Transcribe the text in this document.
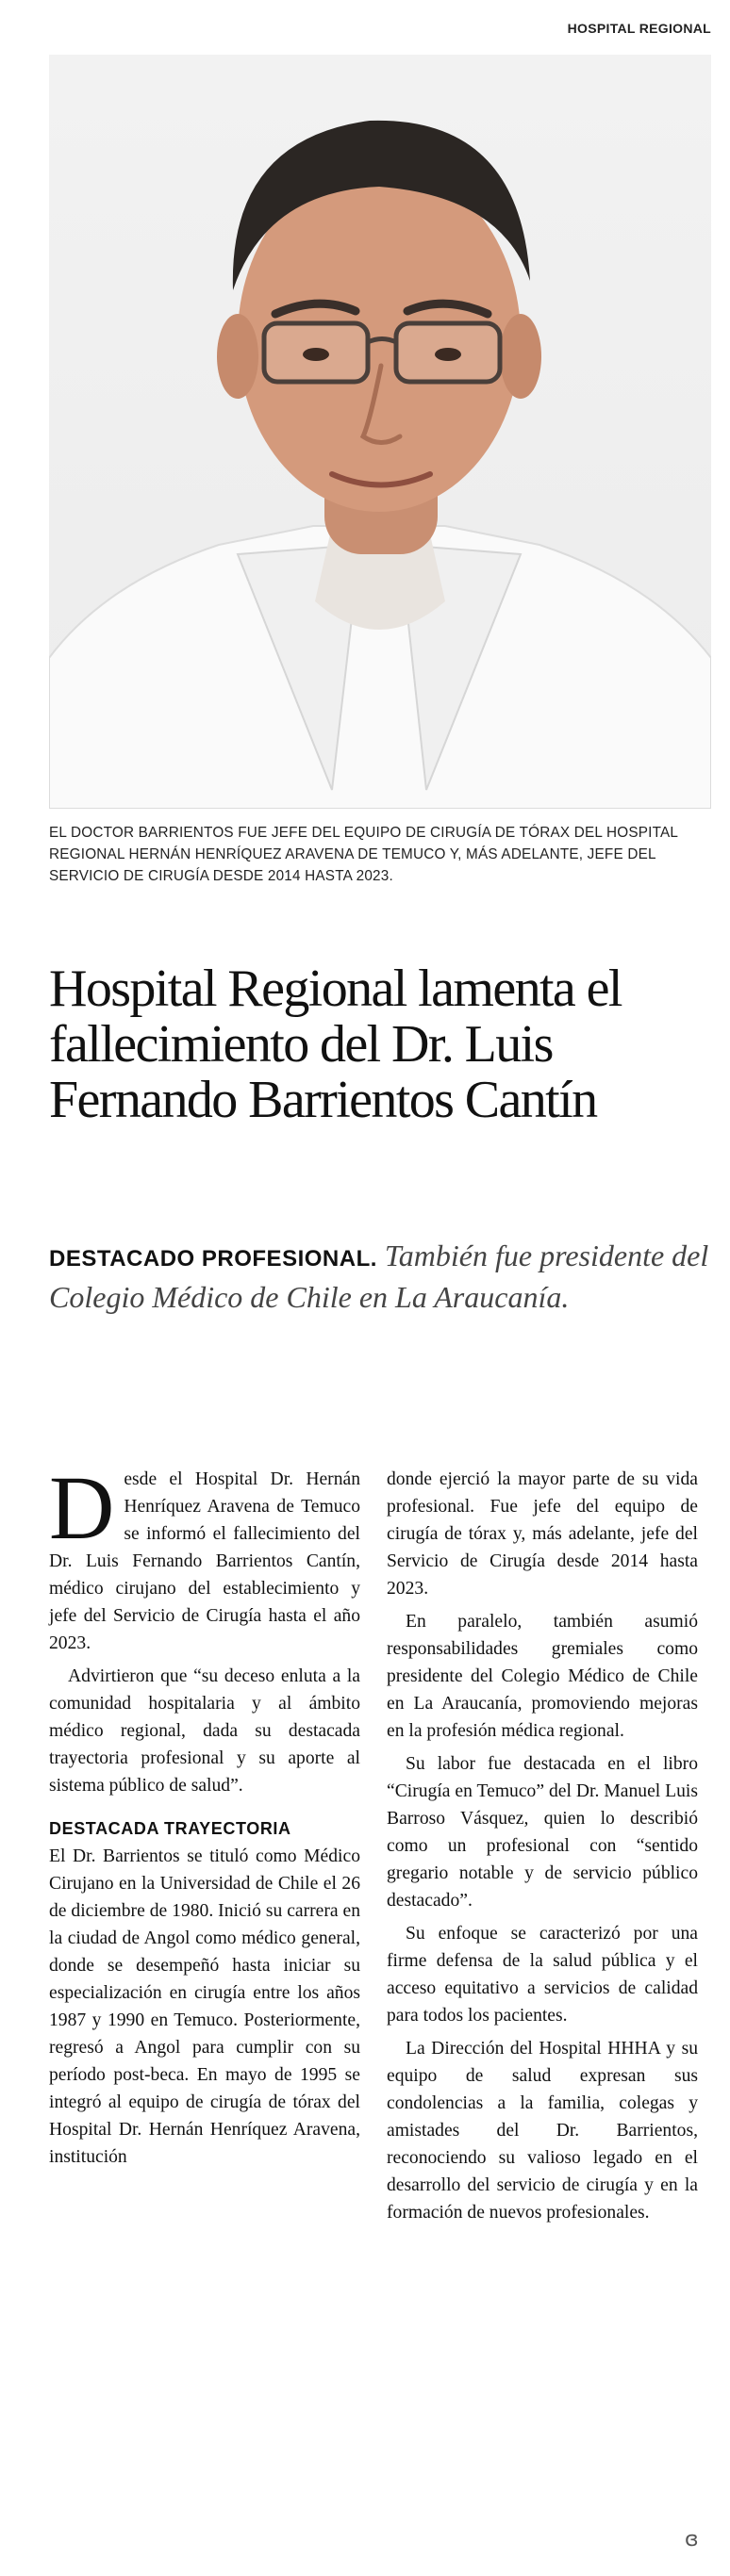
HOSPITAL REGIONAL
EL DOCTOR BARRIENTOS FUE JEFE DEL EQUIPO DE CIRUGÍA DE TÓRAX DEL HOSPITAL REGIONAL HERNÁN HENRÍQUEZ ARAVENA DE TEMUCO Y, MÁS ADELANTE, JEFE DEL SERVICIO DE CIRUGÍA DESDE 2014 HASTA 2023.
Hospital Regional lamenta el fallecimiento del Dr. Luis Fernando Barrientos Cantín
DESTACADO PROFESIONAL. También fue presidente del Colegio Médico de Chile en La Araucanía.

Desde el Hospital Dr. Hernán Henríquez Aravena de Temuco se informó el fallecimiento del Dr. Luis Fernando Barrientos Cantín, médico cirujano del establecimiento y jefe del Servicio de Cirugía hasta el año 2023.

Advirtieron que “su deceso enluta a la comunidad hospitalaria y al ámbito médico regional, dada su destacada trayectoria profesional y su aporte al sistema público de salud”.

DESTACADA TRAYECTORIA

El Dr. Barrientos se tituló como Médico Cirujano en la Universidad de Chile el 26 de diciembre de 1980. Inició su carrera en la ciudad de Angol como médico general, donde se desempeñó hasta iniciar su especialización en cirugía entre los años 1987 y 1990 en Temuco. Posteriormente, regresó a Angol para cumplir con su período post-beca. En mayo de 1995 se integró al equipo de cirugía de tórax del Hospital Dr. Hernán Henríquez Aravena, institución

donde ejerció la mayor parte de su vida profesional. Fue jefe del equipo de cirugía de tórax y, más adelante, jefe del Servicio de Cirugía desde 2014 hasta 2023.

En paralelo, también asumió responsabilidades gremiales como presidente del Colegio Médico de Chile en La Araucanía, promoviendo mejoras en la profesión médica regional.

Su labor fue destacada en el libro “Cirugía en Temuco” del Dr. Manuel Luis Barroso Vásquez, quien lo describió como un profesional con “sentido gregario notable y de servicio público destacado”.

Su enfoque se caracterizó por una firme defensa de la salud pública y el acceso equitativo a servicios de calidad para todos los pacientes.

La Dirección del Hospital HHHA y su equipo de salud expresan sus condolencias a la familia, colegas y amistades del Dr. Barrientos, reconociendo su valioso legado en el desarrollo del servicio de cirugía y en la formación de nuevos profesionales.

ɞ
